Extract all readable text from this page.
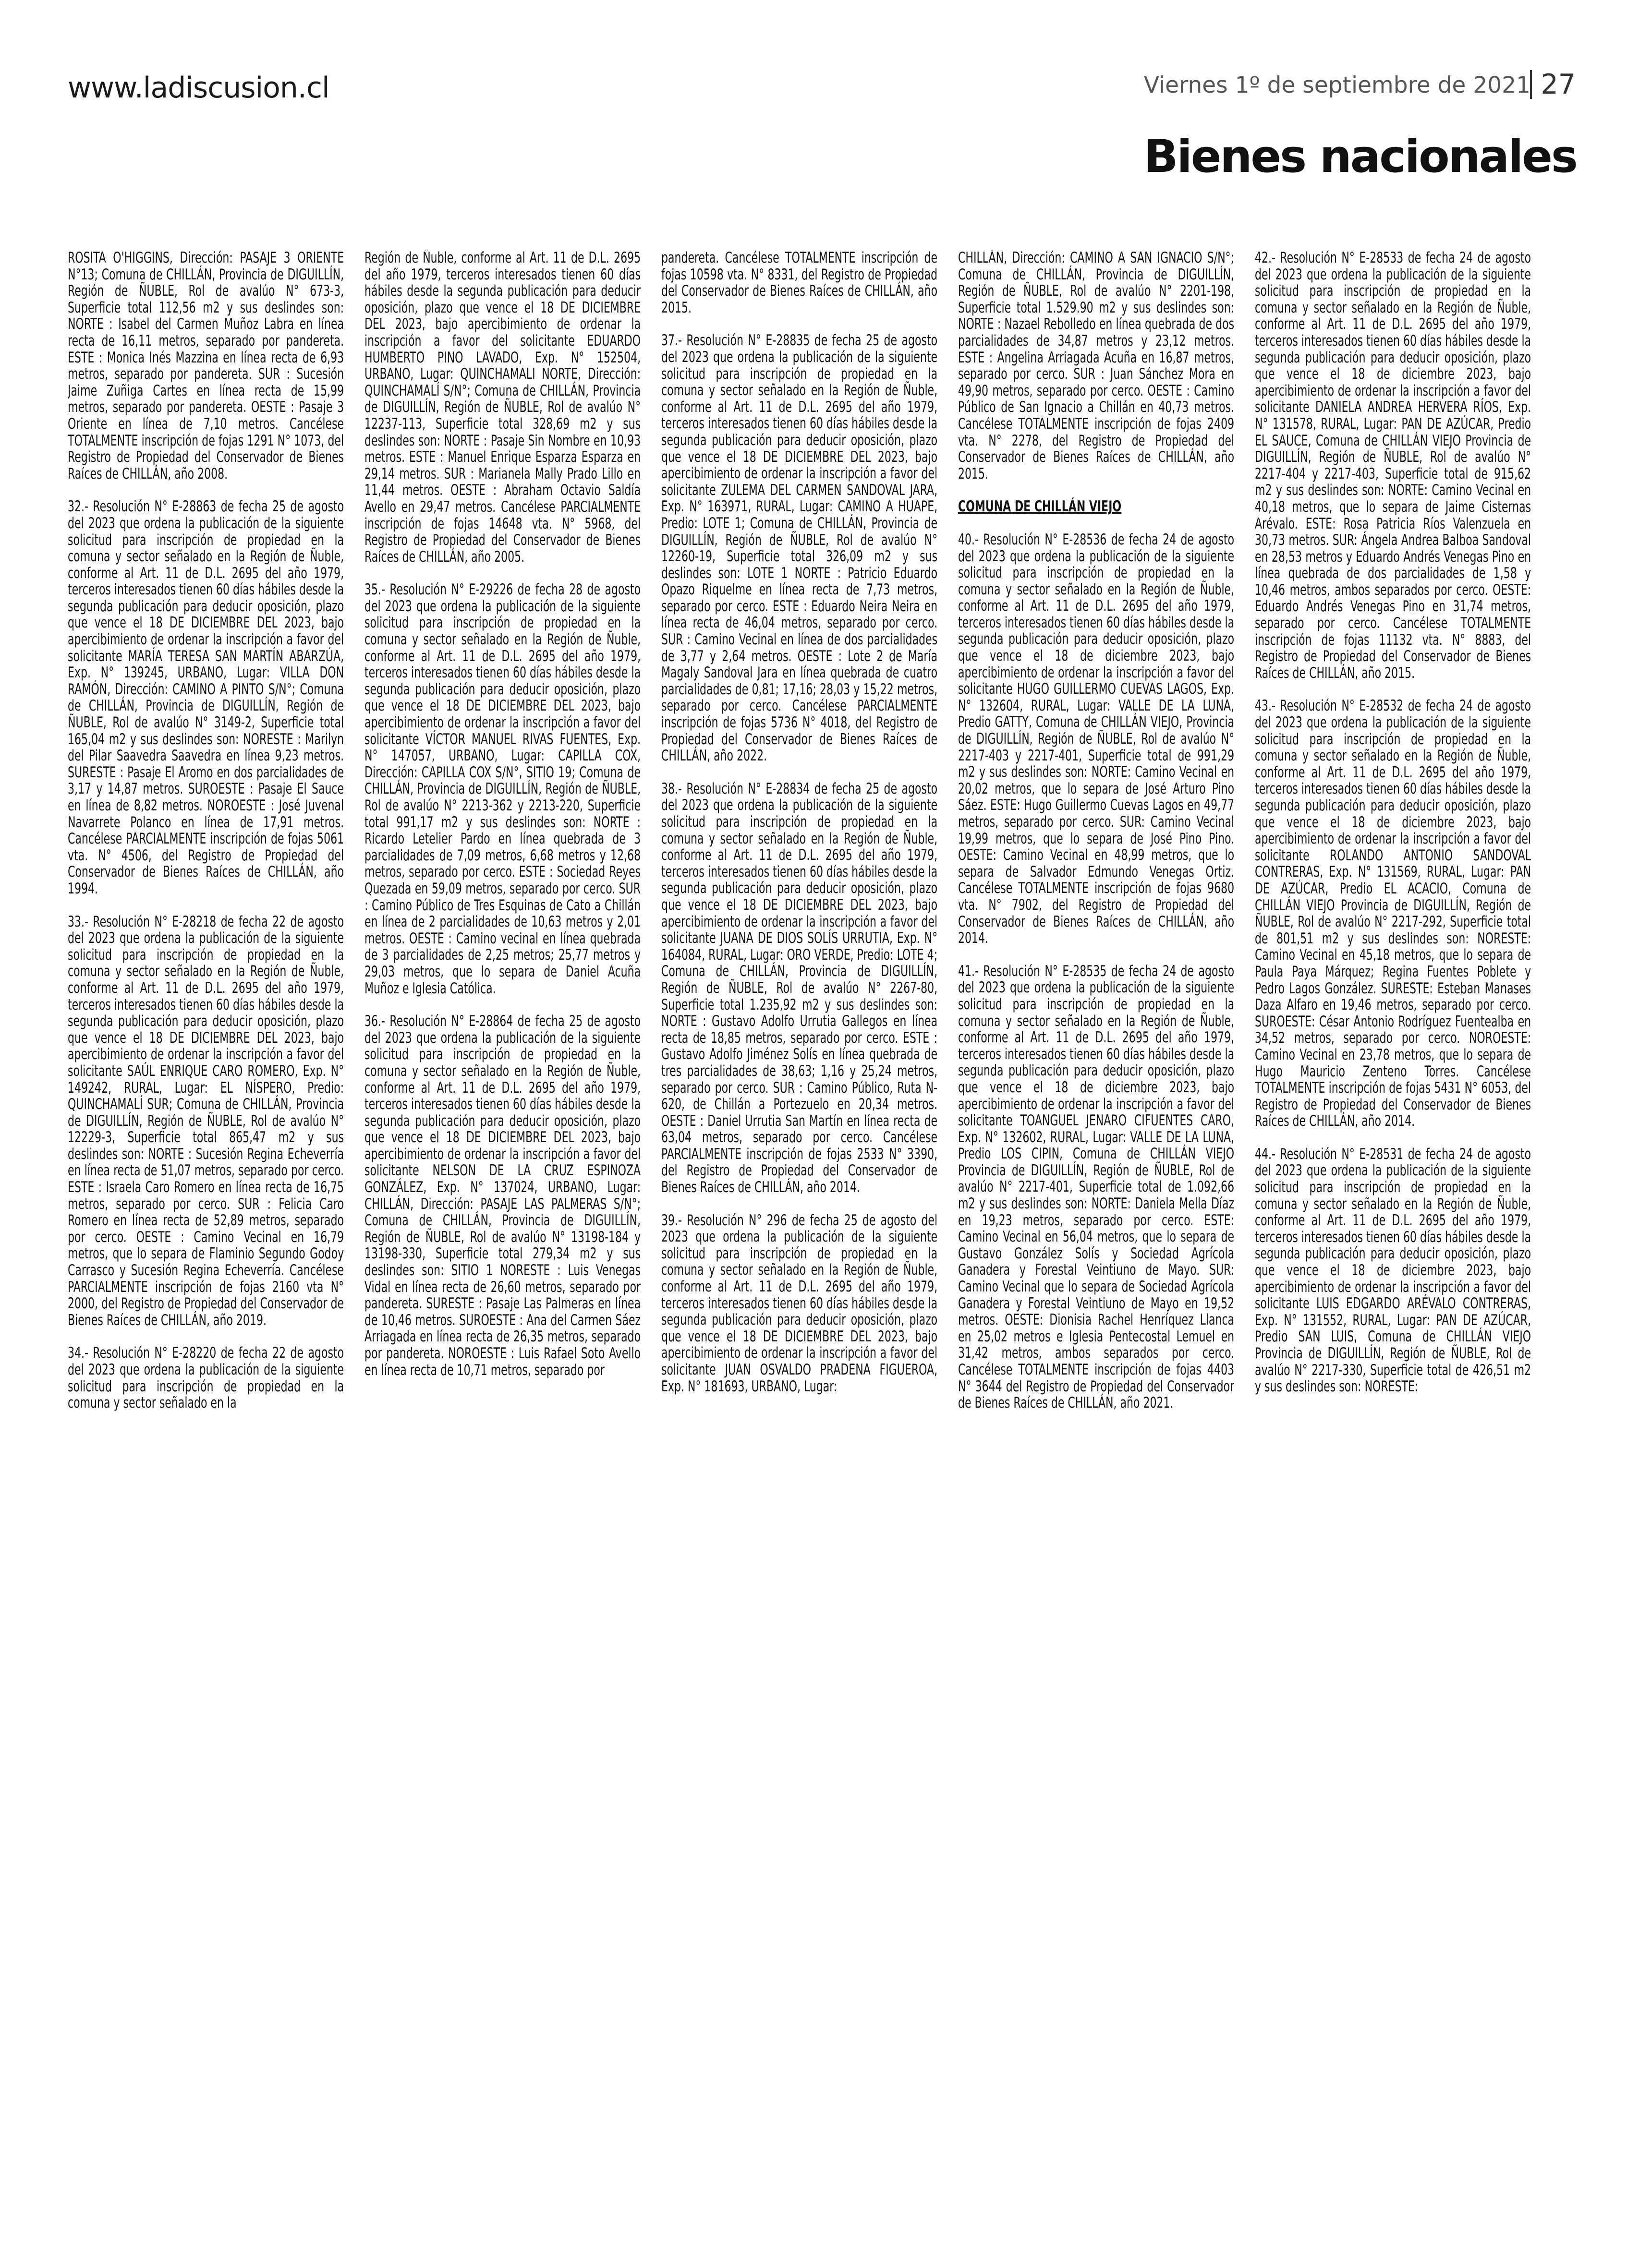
www.ladiscusion.cl	Viernes 1º de septiembre de 2021 27
Bienes nacionales

ROSITA O'HIGGINS, Dirección: PASAJE 3 ORIENTE N°13; Comuna de CHILLÁN, Provincia de DIGUILLÍN, Región de ÑUBLE, Rol de avalúo N° 673-3, Superficie total 112,56 m2 y sus deslindes son: NORTE : Isabel del Carmen Muñoz Labra en línea recta de 16,11 metros, separado por pandereta. ESTE : Monica Inés Mazzina en línea recta de 6,93 metros, separado por pandereta. SUR : Sucesión Jaime Zuñiga Cartes en línea recta de 15,99 metros, separado por pandereta. OESTE : Pasaje 3 Oriente en línea de 7,10 metros. Cancélese TOTALMENTE inscripción de fojas 1291 N° 1073, del Registro de Propiedad del Conservador de Bienes Raíces de CHILLÁN, año 2008.

32.- Resolución N° E-28863 de fecha 25 de agosto del 2023 que ordena la publicación de la siguiente solicitud para inscripción de propiedad en la comuna y sector señalado en la Región de Ñuble, conforme al Art. 11 de D.L. 2695 del año 1979, terceros interesados tienen 60 días hábiles desde la segunda publicación para deducir oposición, plazo que vence el 18 DE DICIEMBRE DEL 2023, bajo apercibimiento de ordenar la inscripción a favor del solicitante MARÍA TERESA SAN MARTÍN ABARZÚA, Exp. N° 139245, URBANO, Lugar: VILLA DON RAMÓN, Dirección: CAMINO A PINTO S/N°; Comuna de CHILLÁN, Provincia de DIGUILLÍN, Región de ÑUBLE, Rol de avalúo N° 3149-2, Superficie total 165,04 m2 y sus deslindes son: NORESTE : Marilyn del Pilar Saavedra Saavedra en línea 9,23 metros. SURESTE : Pasaje El Aromo en dos parcialidades de 3,17 y 14,87 metros. SUROESTE : Pasaje El Sauce en línea de 8,82 metros. NOROESTE : José Juvenal Navarrete Polanco en línea de 17,91 metros. Cancélese PARCIALMENTE inscripción de fojas 5061 vta. N° 4506, del Registro de Propiedad del Conservador de Bienes Raíces de CHILLÁN, año 1994.

33.- Resolución N° E-28218 de fecha 22 de agosto del 2023 que ordena la publicación de la siguiente solicitud para inscripción de propiedad en la comuna y sector señalado en la Región de Ñuble, conforme al Art. 11 de D.L. 2695 del año 1979, terceros interesados tienen 60 días hábiles desde la segunda publicación para deducir oposición, plazo que vence el 18 DE DICIEMBRE DEL 2023, bajo apercibimiento de ordenar la inscripción a favor del solicitante SAÚL ENRIQUE CARO ROMERO, Exp. N° 149242, RURAL, Lugar: EL NÍSPERO, Predio: QUINCHAMALÍ SUR; Comuna de CHILLÁN, Provincia de DIGUILLÍN, Región de ÑUBLE, Rol de avalúo N° 12229-3, Superficie total 865,47 m2 y sus deslindes son: NORTE : Sucesión Regina Echeverría en línea recta de 51,07 metros, separado por cerco. ESTE : Israela Caro Romero en línea recta de 16,75 metros, separado por cerco. SUR : Felicia Caro Romero en línea recta de 52,89 metros, separado por cerco. OESTE : Camino Vecinal en 16,79 metros, que lo separa de Flaminio Segundo Godoy Carrasco y Sucesión Regina Echeverría. Cancélese PARCIALMENTE inscripción de fojas 2160 vta N° 2000, del Registro de Propiedad del Conservador de Bienes Raíces de CHILLÁN, año 2019.

34.- Resolución N° E-28220 de fecha 22 de agosto del 2023 que ordena la publicación de la siguiente solicitud para inscripción de propiedad en la comuna y sector señalado en la

Región de Ñuble, conforme al Art. 11 de D.L. 2695 del año 1979, terceros interesados tienen 60 días hábiles desde la segunda publicación para deducir oposición, plazo que vence el 18 DE DICIEMBRE DEL 2023, bajo apercibimiento de ordenar la inscripción a favor del solicitante EDUARDO HUMBERTO PINO LAVADO, Exp. N° 152504, URBANO, Lugar: QUINCHAMALI NORTE, Dirección: QUINCHAMALÍ S/N°; Comuna de CHILLÁN, Provincia de DIGUILLÍN, Región de ÑUBLE, Rol de avalúo N° 12237-113, Superficie total 328,69 m2 y sus deslindes son: NORTE : Pasaje Sin Nombre en 10,93 metros. ESTE : Manuel Enrique Esparza Esparza en 29,14 metros. SUR : Marianela Mally Prado Lillo en 11,44 metros. OESTE : Abraham Octavio Saldía Avello en 29,47 metros. Cancélese PARCIALMENTE inscripción de fojas 14648 vta. N° 5968, del Registro de Propiedad del Conservador de Bienes Raíces de CHILLÁN, año 2005.

35.- Resolución N° E-29226 de fecha 28 de agosto del 2023 que ordena la publicación de la siguiente solicitud para inscripción de propiedad en la comuna y sector señalado en la Región de Ñuble, conforme al Art. 11 de D.L. 2695 del año 1979, terceros interesados tienen 60 días hábiles desde la segunda publicación para deducir oposición, plazo que vence el 18 DE DICIEMBRE DEL 2023, bajo apercibimiento de ordenar la inscripción a favor del solicitante VÍCTOR MANUEL RIVAS FUENTES, Exp. N° 147057, URBANO, Lugar: CAPILLA COX, Dirección: CAPILLA COX S/N°, SITIO 19; Comuna de CHILLÁN, Provincia de DIGUILLÍN, Región de ÑUBLE, Rol de avalúo N° 2213-362 y 2213-220, Superficie total 991,17 m2 y sus deslindes son: NORTE : Ricardo Letelier Pardo en línea quebrada de 3 parcialidades de 7,09 metros, 6,68 metros y 12,68 metros, separado por cerco. ESTE : Sociedad Reyes Quezada en 59,09 metros, separado por cerco. SUR : Camino Público de Tres Esquinas de Cato a Chillán en línea de 2 parcialidades de 10,63 metros y 2,01 metros. OESTE : Camino vecinal en línea quebrada de 3 parcialidades de 2,25 metros; 25,77 metros y 29,03 metros, que lo separa de Daniel Acuña Muñoz e Iglesia Católica.

36.- Resolución N° E-28864 de fecha 25 de agosto del 2023 que ordena la publicación de la siguiente solicitud para inscripción de propiedad en la comuna y sector señalado en la Región de Ñuble, conforme al Art. 11 de D.L. 2695 del año 1979, terceros interesados tienen 60 días hábiles desde la segunda publicación para deducir oposición, plazo que vence el 18 DE DICIEMBRE DEL 2023, bajo apercibimiento de ordenar la inscripción a favor del solicitante NELSON DE LA CRUZ ESPINOZA GONZÁLEZ, Exp. N° 137024, URBANO, Lugar: CHILLÁN, Dirección: PASAJE LAS PALMERAS S/N°; Comuna de CHILLÁN, Provincia de DIGUILLÍN, Región de ÑUBLE, Rol de avalúo N° 13198-184 y 13198-330, Superficie total 279,34 m2 y sus deslindes son: SITIO 1 NORESTE : Luis Venegas Vidal en línea recta de 26,60 metros, separado por pandereta. SURESTE : Pasaje Las Palmeras en línea de 10,46 metros. SUROESTE : Ana del Carmen Sáez Arriagada en línea recta de 26,35 metros, separado por pandereta. NOROESTE : Luis Rafael Soto Avello en línea recta de 10,71 metros, separado por

pandereta. Cancélese TOTALMENTE inscripción de fojas 10598 vta. N° 8331, del Registro de Propiedad del Conservador de Bienes Raíces de CHILLÁN, año 2015.

37.- Resolución N° E-28835 de fecha 25 de agosto del 2023 que ordena la publicación de la siguiente solicitud para inscripción de propiedad en la comuna y sector señalado en la Región de Ñuble, conforme al Art. 11 de D.L. 2695 del año 1979, terceros interesados tienen 60 días hábiles desde la segunda publicación para deducir oposición, plazo que vence el 18 DE DICIEMBRE DEL 2023, bajo apercibimiento de ordenar la inscripción a favor del solicitante ZULEMA DEL CARMEN SANDOVAL JARA, Exp. N° 163971, RURAL, Lugar: CAMINO A HUAPE, Predio: LOTE 1; Comuna de CHILLÁN, Provincia de DIGUILLÍN, Región de ÑUBLE, Rol de avalúo N° 12260-19, Superficie total 326,09 m2 y sus deslindes son: LOTE 1 NORTE : Patricio Eduardo Opazo Riquelme en línea recta de 7,73 metros, separado por cerco. ESTE : Eduardo Neira Neira en línea recta de 46,04 metros, separado por cerco. SUR : Camino Vecinal en línea de dos parcialidades de 3,77 y 2,64 metros. OESTE : Lote 2 de María Magaly Sandoval Jara en línea quebrada de cuatro parcialidades de 0,81; 17,16; 28,03 y 15,22 metros, separado por cerco. Cancélese PARCIALMENTE inscripción de fojas 5736 N° 4018, del Registro de Propiedad del Conservador de Bienes Raíces de CHILLÁN, año 2022.

38.- Resolución N° E-28834 de fecha 25 de agosto del 2023 que ordena la publicación de la siguiente solicitud para inscripción de propiedad en la comuna y sector señalado en la Región de Ñuble, conforme al Art. 11 de D.L. 2695 del año 1979, terceros interesados tienen 60 días hábiles desde la segunda publicación para deducir oposición, plazo que vence el 18 DE DICIEMBRE DEL 2023, bajo apercibimiento de ordenar la inscripción a favor del solicitante JUANA DE DIOS SOLÍS URRUTIA, Exp. N° 164084, RURAL, Lugar: ORO VERDE, Predio: LOTE 4; Comuna de CHILLÁN, Provincia de DIGUILLÍN, Región de ÑUBLE, Rol de avalúo N° 2267-80, Superficie total 1.235,92 m2 y sus deslindes son: NORTE : Gustavo Adolfo Urrutia Gallegos en línea recta de 18,85 metros, separado por cerco. ESTE : Gustavo Adolfo Jiménez Solís en línea quebrada de tres parcialidades de 38,63; 1,16 y 25,24 metros, separado por cerco. SUR : Camino Público, Ruta N-620, de Chillán a Portezuelo en 20,34 metros. OESTE : Daniel Urrutia San Martín en línea recta de 63,04 metros, separado por cerco. Cancélese PARCIALMENTE inscripción de fojas 2533 N° 3390, del Registro de Propiedad del Conservador de Bienes Raíces de CHILLÁN, año 2014.

39.- Resolución N° 296 de fecha 25 de agosto del 2023 que ordena la publicación de la siguiente solicitud para inscripción de propiedad en la comuna y sector señalado en la Región de Ñuble, conforme al Art. 11 de D.L. 2695 del año 1979, terceros interesados tienen 60 días hábiles desde la segunda publicación para deducir oposición, plazo que vence el 18 DE DICIEMBRE DEL 2023, bajo apercibimiento de ordenar la inscripción a favor del solicitante JUAN OSVALDO PRADENA FIGUEROA, Exp. N° 181693, URBANO, Lugar:

CHILLÁN, Dirección: CAMINO A SAN IGNACIO S/N°; Comuna de CHILLÁN, Provincia de DIGUILLÍN, Región de ÑUBLE, Rol de avalúo N° 2201-198, Superficie total 1.529.90 m2 y sus deslindes son: NORTE : Nazael Rebolledo en línea quebrada de dos parcialidades de 34,87 metros y 23,12 metros. ESTE : Angelina Arriagada Acuña en 16,87 metros, separado por cerco. SUR : Juan Sánchez Mora en 49,90 metros, separado por cerco. OESTE : Camino Público de San Ignacio a Chillán en 40,73 metros. Cancélese TOTALMENTE inscripción de fojas 2409 vta. N° 2278, del Registro de Propiedad del Conservador de Bienes Raíces de CHILLÁN, año 2015.

COMUNA DE CHILLÁN VIEJO

40.- Resolución N° E-28536 de fecha 24 de agosto del 2023 que ordena la publicación de la siguiente solicitud para inscripción de propiedad en la comuna y sector señalado en la Región de Ñuble, conforme al Art. 11 de D.L. 2695 del año 1979, terceros interesados tienen 60 días hábiles desde la segunda publicación para deducir oposición, plazo que vence el 18 de diciembre 2023, bajo apercibimiento de ordenar la inscripción a favor del solicitante HUGO GUILLERMO CUEVAS LAGOS, Exp. N° 132604, RURAL, Lugar: VALLE DE LA LUNA, Predio GATTY, Comuna de CHILLÁN VIEJO, Provincia de DIGUILLÍN, Región de ÑUBLE, Rol de avalúo N° 2217-403 y 2217-401, Superficie total de 991,29 m2 y sus deslindes son: NORTE: Camino Vecinal en 20,02 metros, que lo separa de José Arturo Pino Sáez. ESTE: Hugo Guillermo Cuevas Lagos en 49,77 metros, separado por cerco. SUR: Camino Vecinal 19,99 metros, que lo separa de José Pino Pino. OESTE: Camino Vecinal en 48,99 metros, que lo separa de Salvador Edmundo Venegas Ortiz. Cancélese TOTALMENTE inscripción de fojas 9680 vta. N° 7902, del Registro de Propiedad del Conservador de Bienes Raíces de CHILLÁN, año 2014.

41.- Resolución N° E-28535 de fecha 24 de agosto del 2023 que ordena la publicación de la siguiente solicitud para inscripción de propiedad en la comuna y sector señalado en la Región de Ñuble, conforme al Art. 11 de D.L. 2695 del año 1979, terceros interesados tienen 60 días hábiles desde la segunda publicación para deducir oposición, plazo que vence el 18 de diciembre 2023, bajo apercibimiento de ordenar la inscripción a favor del solicitante TOANGUEL JENARO CIFUENTES CARO, Exp. N° 132602, RURAL, Lugar: VALLE DE LA LUNA, Predio LOS CIPIN, Comuna de CHILLÁN VIEJO Provincia de DIGUILLÍN, Región de ÑUBLE, Rol de avalúo N° 2217-401, Superficie total de 1.092,66 m2 y sus deslindes son: NORTE: Daniela Mella Díaz en 19,23 metros, separado por cerco. ESTE: Camino Vecinal en 56,04 metros, que lo separa de Gustavo González Solís y Sociedad Agrícola Ganadera y Forestal Veintiuno de Mayo. SUR: Camino Vecinal que lo separa de Sociedad Agrícola Ganadera y Forestal Veintiuno de Mayo en 19,52 metros. OESTE: Dionisia Rachel Henríquez Llanca en 25,02 metros e Iglesia Pentecostal Lemuel en 31,42 metros, ambos separados por cerco. Cancélese TOTALMENTE inscripción de fojas 4403 N° 3644 del Registro de Propiedad del Conservador de Bienes Raíces de CHILLÁN, año 2021.

42.- Resolución N° E-28533 de fecha 24 de agosto del 2023 que ordena la publicación de la siguiente solicitud para inscripción de propiedad en la comuna y sector señalado en la Región de Ñuble, conforme al Art. 11 de D.L. 2695 del año 1979, terceros interesados tienen 60 días hábiles desde la segunda publicación para deducir oposición, plazo que vence el 18 de diciembre 2023, bajo apercibimiento de ordenar la inscripción a favor del solicitante DANIELA ANDREA HERVERA RÍOS, Exp. N° 131578, RURAL, Lugar: PAN DE AZÚCAR, Predio EL SAUCE, Comuna de CHILLÁN VIEJO Provincia de DIGUILLÍN, Región de ÑUBLE, Rol de avalúo N° 2217-404 y 2217-403, Superficie total de 915,62 m2 y sus deslindes son: NORTE: Camino Vecinal en 40,18 metros, que lo separa de Jaime Cisternas Arévalo. ESTE: Rosa Patricia Ríos Valenzuela en 30,73 metros. SUR: Ángela Andrea Balboa Sandoval en 28,53 metros y Eduardo Andrés Venegas Pino en línea quebrada de dos parcialidades de 1,58 y 10,46 metros, ambos separados por cerco. OESTE: Eduardo Andrés Venegas Pino en 31,74 metros, separado por cerco. Cancélese TOTALMENTE inscripción de fojas 11132 vta. N° 8883, del Registro de Propiedad del Conservador de Bienes Raíces de CHILLÁN, año 2015.

43.- Resolución N° E-28532 de fecha 24 de agosto del 2023 que ordena la publicación de la siguiente solicitud para inscripción de propiedad en la comuna y sector señalado en la Región de Ñuble, conforme al Art. 11 de D.L. 2695 del año 1979, terceros interesados tienen 60 días hábiles desde la segunda publicación para deducir oposición, plazo que vence el 18 de diciembre 2023, bajo apercibimiento de ordenar la inscripción a favor del solicitante ROLANDO ANTONIO SANDOVAL CONTRERAS, Exp. N° 131569, RURAL, Lugar: PAN DE AZÚCAR, Predio EL ACACIO, Comuna de CHILLÁN VIEJO Provincia de DIGUILLÍN, Región de ÑUBLE, Rol de avalúo N° 2217-292, Superficie total de 801,51 m2 y sus deslindes son: NORESTE: Camino Vecinal en 45,18 metros, que lo separa de Paula Paya Márquez; Regina Fuentes Poblete y Pedro Lagos González. SURESTE: Esteban Manases Daza Alfaro en 19,46 metros, separado por cerco. SUROESTE: César Antonio Rodríguez Fuentealba en 34,52 metros, separado por cerco. NOROESTE: Camino Vecinal en 23,78 metros, que lo separa de Hugo Mauricio Zenteno Torres. Cancélese TOTALMENTE inscripción de fojas 5431 N° 6053, del Registro de Propiedad del Conservador de Bienes Raíces de CHILLÁN, año 2014.

44.- Resolución N° E-28531 de fecha 24 de agosto del 2023 que ordena la publicación de la siguiente solicitud para inscripción de propiedad en la comuna y sector señalado en la Región de Ñuble, conforme al Art. 11 de D.L. 2695 del año 1979, terceros interesados tienen 60 días hábiles desde la segunda publicación para deducir oposición, plazo que vence el 18 de diciembre 2023, bajo apercibimiento de ordenar la inscripción a favor del solicitante LUIS EDGARDO ARÉVALO CONTRERAS, Exp. N° 131552, RURAL, Lugar: PAN DE AZÚCAR, Predio SAN LUIS, Comuna de CHILLÁN VIEJO Provincia de DIGUILLÍN, Región de ÑUBLE, Rol de avalúo N° 2217-330, Superficie total de 426,51 m2 y sus deslindes son: NORESTE:
